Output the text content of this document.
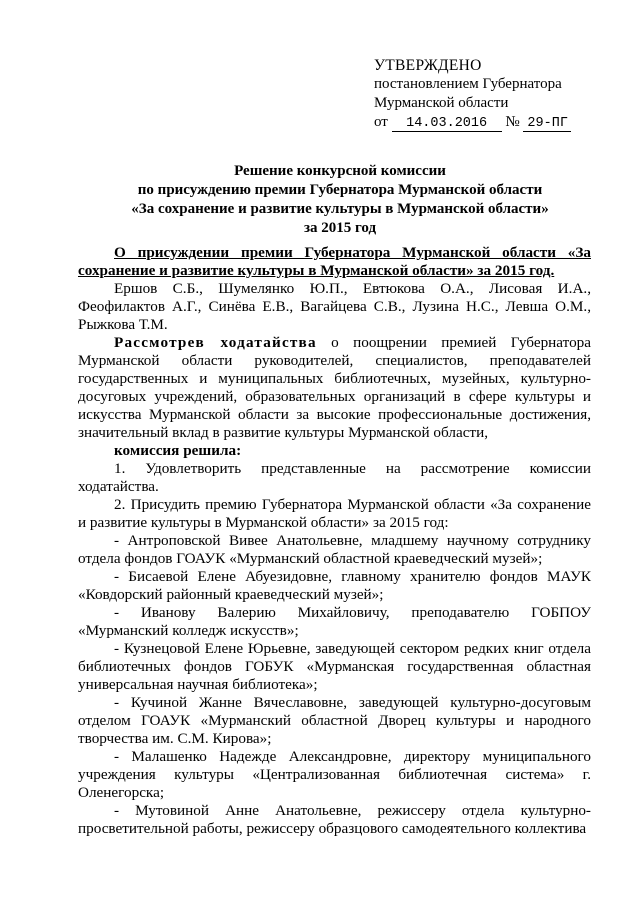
УТВЕРЖДЕНО
постановлением Губернатора
Мурманской области
от 14.03.2016 № 29-ПГ
Решение конкурсной комиссии
по присуждению премии Губернатора Мурманской области
«За сохранение и развитие культуры в Мурманской области»
за 2015 год

О присуждении премии Губернатора Мурманской области «За сохранение и развитие культуры в Мурманской области» за 2015 год.

Ершов С.Б., Шумелянко Ю.П., Евтюкова О.А., Лисовая И.А., Феофилактов А.Г., Синёва Е.В., Вагайцева С.В., Лузина Н.С., Левша О.М., Рыжкова Т.М.

Рассмотрев ходатайства о поощрении премией Губернатора Мурманской области руководителей, специалистов, преподавателей государственных и муниципальных библиотечных, музейных, культурно-досуговых учреждений, образовательных организаций в сфере культуры и искусства Мурманской области за высокие профессиональные достижения, значительный вклад в развитие культуры Мурманской области,

комиссия решила:

1. Удовлетворить представленные на рассмотрение комиссии ходатайства.

2. Присудить премию Губернатора Мурманской области «За сохранение и развитие культуры в Мурманской области» за 2015 год:

- Антроповской Вивее Анатольевне, младшему научному сотруднику отдела фондов ГОАУК «Мурманский областной краеведческий музей»;

- Бисаевой Елене Абуезидовне, главному хранителю фондов МАУК «Ковдорский районный краеведческий музей»;

- Иванову Валерию Михайловичу, преподавателю ГОБПОУ «Мурманский колледж искусств»;

- Кузнецовой Елене Юрьевне, заведующей сектором редких книг отдела библиотечных фондов ГОБУК «Мурманская государственная областная универсальная научная библиотека»;

- Кучиной Жанне Вячеславовне, заведующей культурно-досуговым отделом ГОАУК «Мурманский областной Дворец культуры и народного творчества им. С.М. Кирова»;

- Малашенко Надежде Александровне, директору муниципального учреждения культуры «Централизованная библиотечная система» г. Оленегорска;

- Мутовиной Анне Анатольевне, режиссеру отдела культурно-просветительной работы, режиссеру образцового самодеятельного коллектива
